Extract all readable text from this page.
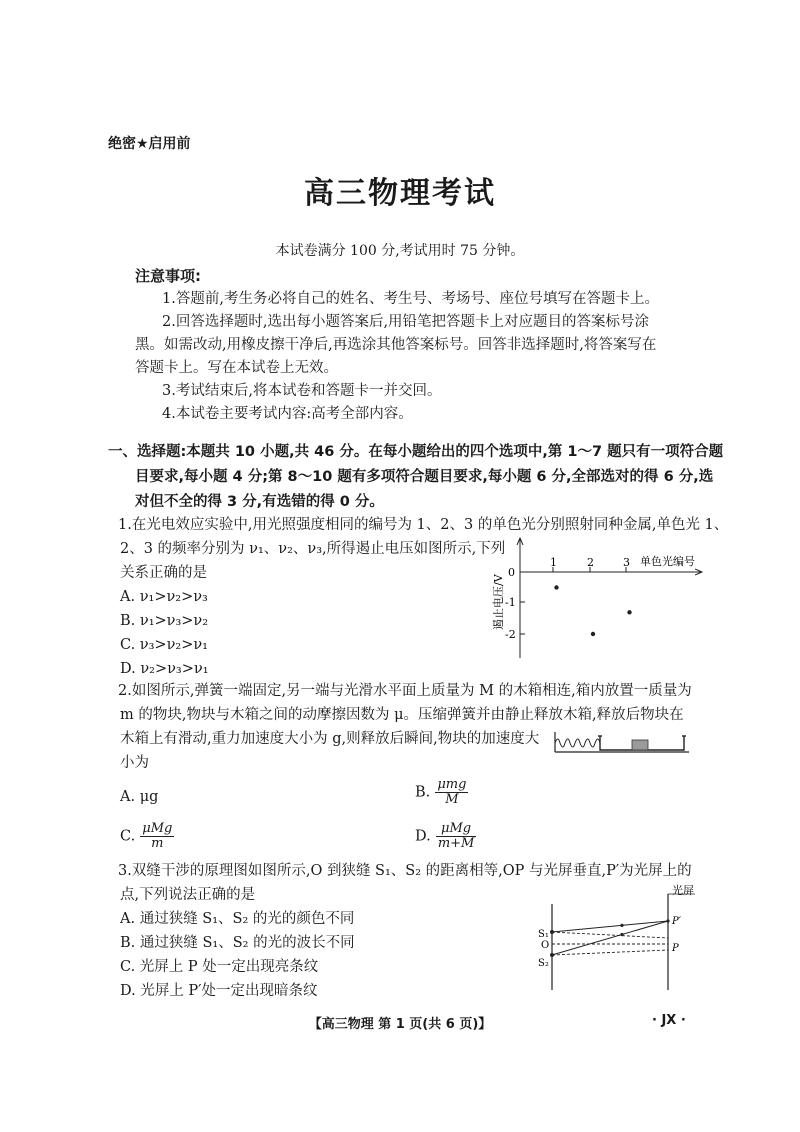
绝密★启用前
高三物理考试
本试卷满分 100 分,考试用时 75 分钟。
注意事项:
1.答题前,考生务必将自己的姓名、考生号、考场号、座位号填写在答题卡上。
2.回答选择题时,选出每小题答案后,用铅笔把答题卡上对应题目的答案标号涂
黑。如需改动,用橡皮擦干净后,再选涂其他答案标号。回答非选择题时,将答案写在
答题卡上。写在本试卷上无效。
3.考试结束后,将本试卷和答题卡一并交回。
4.本试卷主要考试内容:高考全部内容。
一、选择题:本题共 10 小题,共 46 分。在每小题给出的四个选项中,第 1～7 题只有一项符合题
目要求,每小题 4 分;第 8～10 题有多项符合题目要求,每小题 6 分,全部选对的得 6 分,选
对但不全的得 3 分,有选错的得 0 分。
1.在光电效应实验中,用光照强度相同的编号为 1、2、3 的单色光分别照射同种金属,单色光 1、
2、3 的频率分别为 ν₁、ν₂、ν₃,所得遏止电压如图所示,下列
关系正确的是
A. ν₁>ν₂>ν₃
B. ν₁>ν₃>ν₂
C. ν₃>ν₂>ν₁
D. ν₂>ν₃>ν₁
1	2	3 单色光编号
0
-1
-2
遏止电压/V
2.如图所示,弹簧一端固定,另一端与光滑水平面上质量为 M 的木箱相连,箱内放置一质量为
m 的物块,物块与木箱之间的动摩擦因数为 μ。压缩弹簧并由静止释放木箱,释放后物块在
木箱上有滑动,重力加速度大小为 g,则释放后瞬间,物块的加速度大
小为
A. μg	B. $\frac{\text{μmg}}{M}$
C. $\frac{\text{μMg}}{m}$	D. $\frac{\text{μMg}}{m+M}$
3.双缝干涉的原理图如图所示,O 到狭缝 S₁、S₂ 的距离相等,OP 与光屏垂直,P′为光屏上的
点,下列说法正确的是
A. 通过狭缝 S₁、S₂ 的光的颜色不同
B. 通过狭缝 S₁、S₂ 的光的波长不同
C. 光屏上 P 处一定出现亮条纹
D. 光屏上 P′处一定出现暗条纹
光屏
S₁
O
S₂
P
P′
【高三物理 第 1 页(共 6 页)】	· JX ·
